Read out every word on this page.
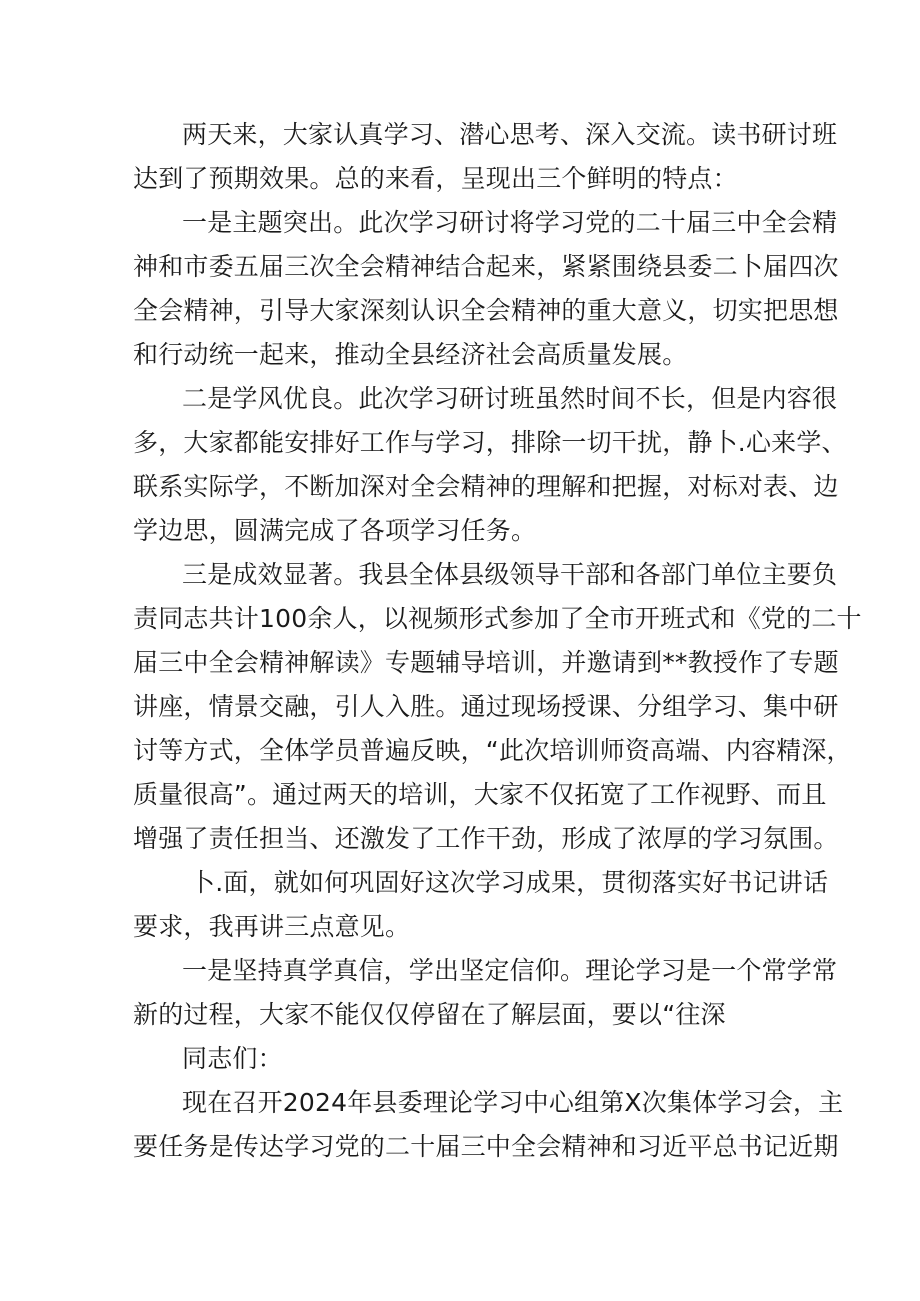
两天来，大家认真学习、潜心思考、深入交流。读书研讨班
达到了预期效果。总的来看，呈现出三个鲜明的特点：
一是主题突出。此次学习研讨将学习党的二十届三中全会精
神和市委五届三次全会精神结合起来，紧紧围绕县委二卜届四次
全会精神，引导大家深刻认识全会精神的重大意义，切实把思想
和行动统一起来，推动全县经济社会高质量发展。
二是学风优良。此次学习研讨班虽然时间不长，但是内容很
多，大家都能安排好工作与学习，排除一切干扰，静卜.心来学、
联系实际学，不断加深对全会精神的理解和把握，对标对表、边
学边思，圆满完成了各项学习任务。
三是成效显著。我县全体县级领导干部和各部门单位主要负
责同志共计100余人，以视频形式参加了全市开班式和《党的二十
届三中全会精神解读》专题辅导培训，并邀请到**教授作了专题
讲座，情景交融，引人入胜。通过现场授课、分组学习、集中研
讨等方式，全体学员普遍反映，“此次培训师资高端、内容精深，
质量很高”。通过两天的培训，大家不仅拓宽了工作视野、而且
增强了责任担当、还激发了工作干劲，形成了浓厚的学习氛围。
卜.面，就如何巩固好这次学习成果，贯彻落实好书记讲话
要求，我再讲三点意见。
一是坚持真学真信，学出坚定信仰。理论学习是一个常学常
新的过程，大家不能仅仅停留在了解层面，要以“往深
同志们：
现在召开2024年县委理论学习中心组第X次集体学习会，主
要任务是传达学习党的二十届三中全会精神和习近平总书记近期
